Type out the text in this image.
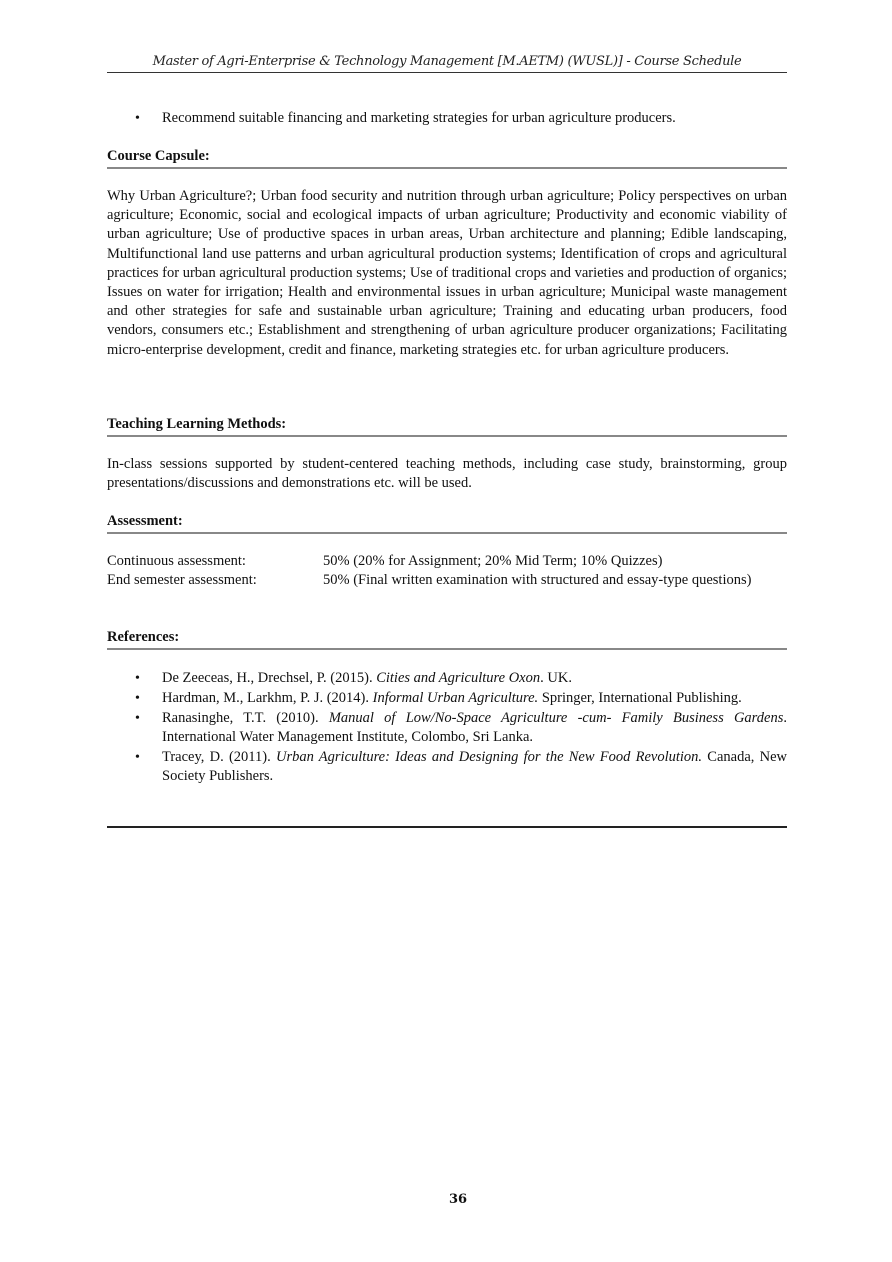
Master of Agri-Enterprise & Technology Management [M.AETM) (WUSL)] - Course Schedule
• Recommend suitable financing and marketing strategies for urban agriculture producers.
Course Capsule:
Why Urban Agriculture?; Urban food security and nutrition through urban agriculture; Policy perspectives on urban agriculture; Economic, social and ecological impacts of urban agriculture; Productivity and economic viability of urban agriculture; Use of productive spaces in urban areas, Urban architecture and planning; Edible landscaping, Multifunctional land use patterns and urban agricultural production systems; Identification of crops and agricultural practices for urban agricultural production systems; Use of traditional crops and varieties and production of organics; Issues on water for irrigation; Health and environmental issues in urban agriculture; Municipal waste management and other strategies for safe and sustainable urban agriculture; Training and educating urban producers, food vendors, consumers etc.; Establishment and strengthening of urban agriculture producer organizations; Facilitating micro-enterprise development, credit and finance, marketing strategies etc. for urban agriculture producers.
Teaching Learning Methods:
In-class sessions supported by student-centered teaching methods, including case study, brainstorming, group presentations/discussions and demonstrations etc. will be used.
Assessment:
Continuous assessment:	50% (20% for Assignment; 20% Mid Term; 10% Quizzes)
End semester assessment:	50% (Final written examination with structured and essay-type questions)
References:
• De Zeeceas, H., Drechsel, P. (2015). Cities and Agriculture Oxon. UK.
• Hardman, M., Larkhm, P. J. (2014). Informal Urban Agriculture. Springer, International Publishing.
• Ranasinghe, T.T. (2010). Manual of Low/No-Space Agriculture -cum- Family Business Gardens. International Water Management Institute, Colombo, Sri Lanka.
• Tracey, D. (2011). Urban Agriculture: Ideas and Designing for the New Food Revolution. Canada, New Society Publishers.
36
